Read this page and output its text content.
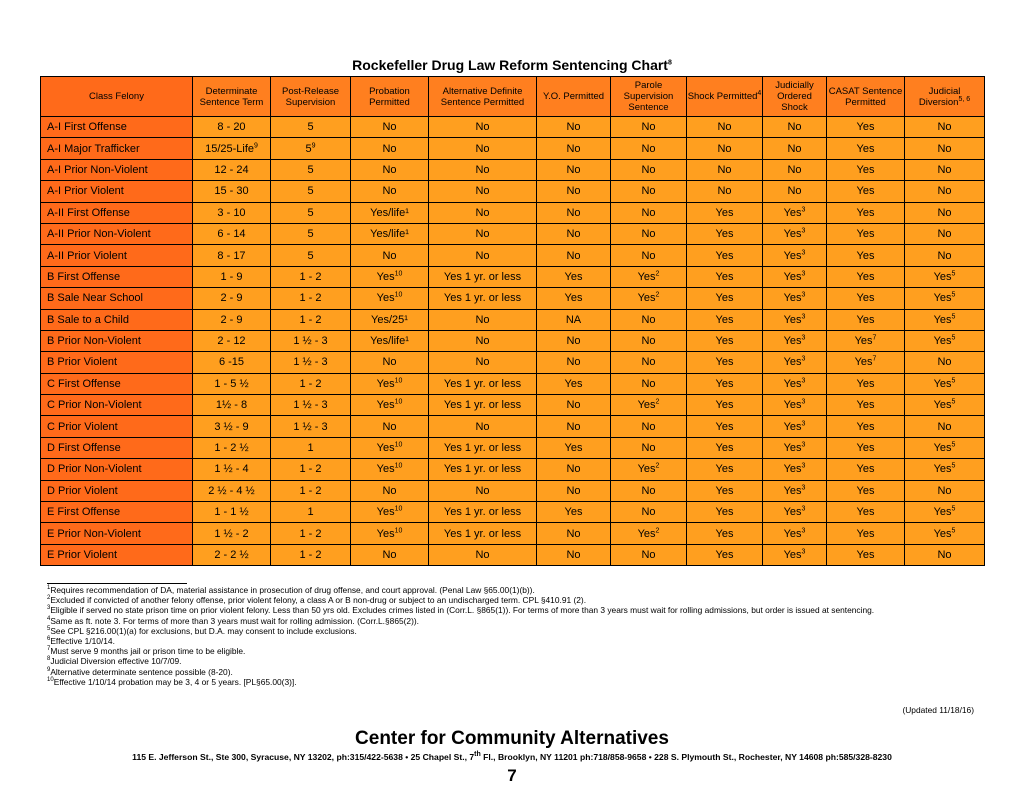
Rockefeller Drug Law Reform Sentencing Chart$^8$
Class Felony	Determinate Sentence Term	Post-Release Supervision	Probation Permitted	Alternative Definite Sentence Permitted	Y.O. Permitted	Parole Supervision Sentence	Shock Permitted$^4$	Judicially Ordered Shock	CASAT Sentence Permitted	Judicial Diversion$^{5, 6}$
A-I First Offense	8 - 20	5	No	No	No	No	No	No	Yes	No
A-I Major Trafficker	15/25-Life$^9$	$5^9$	No	No	No	No	No	No	Yes	No
A-I Prior Non-Violent	12 - 24	5	No	No	No	No	No	No	Yes	No
A-I Prior Violent	15 - 30	5	No	No	No	No	No	No	Yes	No
A-II First Offense	3 - 10	5	Yes/life¹	No	No	No	Yes	Yes$^3$	Yes	No
A-II Prior Non-Violent	6 - 14	5	Yes/life¹	No	No	No	Yes	Yes$^3$	Yes	No
A-II Prior Violent	8 - 17	5	No	No	No	No	Yes	Yes$^3$	Yes	No
B First Offense	1 - 9	1 - 2	Yes$^{10}$	Yes 1 yr. or less	Yes	Yes$^2$	Yes	Yes$^3$	Yes	Yes$^5$
B Sale Near School	2 - 9	1 - 2	Yes$^{10}$	Yes 1 yr. or less	Yes	Yes$^2$	Yes	Yes$^3$	Yes	Yes$^5$
B Sale to a Child	2 - 9	1 - 2	Yes/25¹	No	NA	No	Yes	Yes$^3$	Yes	Yes$^5$
B Prior Non-Violent	2 - 12	1 ½ - 3	Yes/life¹	No	No	No	Yes	Yes$^3$	Yes$^7$	Yes$^5$
B Prior Violent	6 -15	1 ½ - 3	No	No	No	No	Yes	Yes$^3$	Yes$^7$	No
C First Offense	1 - 5 ½	1 - 2	Yes$^{10}$	Yes 1 yr. or less	Yes	No	Yes	Yes$^3$	Yes	Yes$^5$
C Prior Non-Violent	1½ - 8	1 ½ - 3	Yes$^{10}$	Yes 1 yr. or less	No	Yes$^2$	Yes	Yes$^3$	Yes	Yes$^5$
C Prior Violent	3 ½ - 9	1 ½ - 3	No	No	No	No	Yes	Yes$^3$	Yes	No
D First Offense	1 - 2 ½	1	Yes$^{10}$	Yes 1 yr. or less	Yes	No	Yes	Yes$^3$	Yes	Yes$^5$
D Prior Non-Violent	1 ½ - 4	1 - 2	Yes$^{10}$	Yes 1 yr. or less	No	Yes$^2$	Yes	Yes$^3$	Yes	Yes$^5$
D Prior Violent	2 ½ - 4 ½	1 - 2	No	No	No	No	Yes	Yes$^3$	Yes	No
E First Offense	1 - 1 ½	1	Yes$^{10}$	Yes 1 yr. or less	Yes	No	Yes	Yes$^3$	Yes	Yes$^5$
E Prior Non-Violent	1 ½ - 2	1 - 2	Yes$^{10}$	Yes 1 yr. or less	No	Yes$^2$	Yes	Yes$^3$	Yes	Yes$^5$
E Prior Violent	2 - 2 ½	1 - 2	No	No	No	No	Yes	Yes$^3$	Yes	No
$^1$Requires recommendation of DA, material assistance in prosecution of drug offense, and court approval. (Penal Law §65.00(1)(b)).
$^2$Excluded if convicted of another felony offense, prior violent felony, a class A or B non-drug or subject to an undischarged term. CPL §410.91 (2).
$^3$Eligible if served no state prison time on prior violent felony. Less than 50 yrs old. Excludes crimes listed in (Corr.L. §865(1)). For terms of more than 3 years must wait for rolling admissions, but order is issued at sentencing.
$^4$Same as ft. note 3. For terms of more than 3 years must wait for rolling admission. (Corr.L.§865(2)).
$^5$See CPL §216.00(1)(a) for exclusions, but D.A. may consent to include exclusions.
$^6$Effective 1/10/14.
$^7$Must serve 9 months jail or prison time to be eligible.
$^8$Judicial Diversion effective 10/7/09.
$^9$Alternative determinate sentence possible (8-20).
$^{10}$Effective 1/10/14 probation may be 3, 4 or 5 years. [PL§65.00(3)].
(Updated 11/18/16)
Center for Community Alternatives
115 E. Jefferson St., Ste 300, Syracuse, NY 13202, ph:315/422-5638 • 25 Chapel St., 7th Fl., Brooklyn, NY 11201 ph:718/858-9658 • 228 S. Plymouth St., Rochester, NY 14608 ph:585/328-8230
7
